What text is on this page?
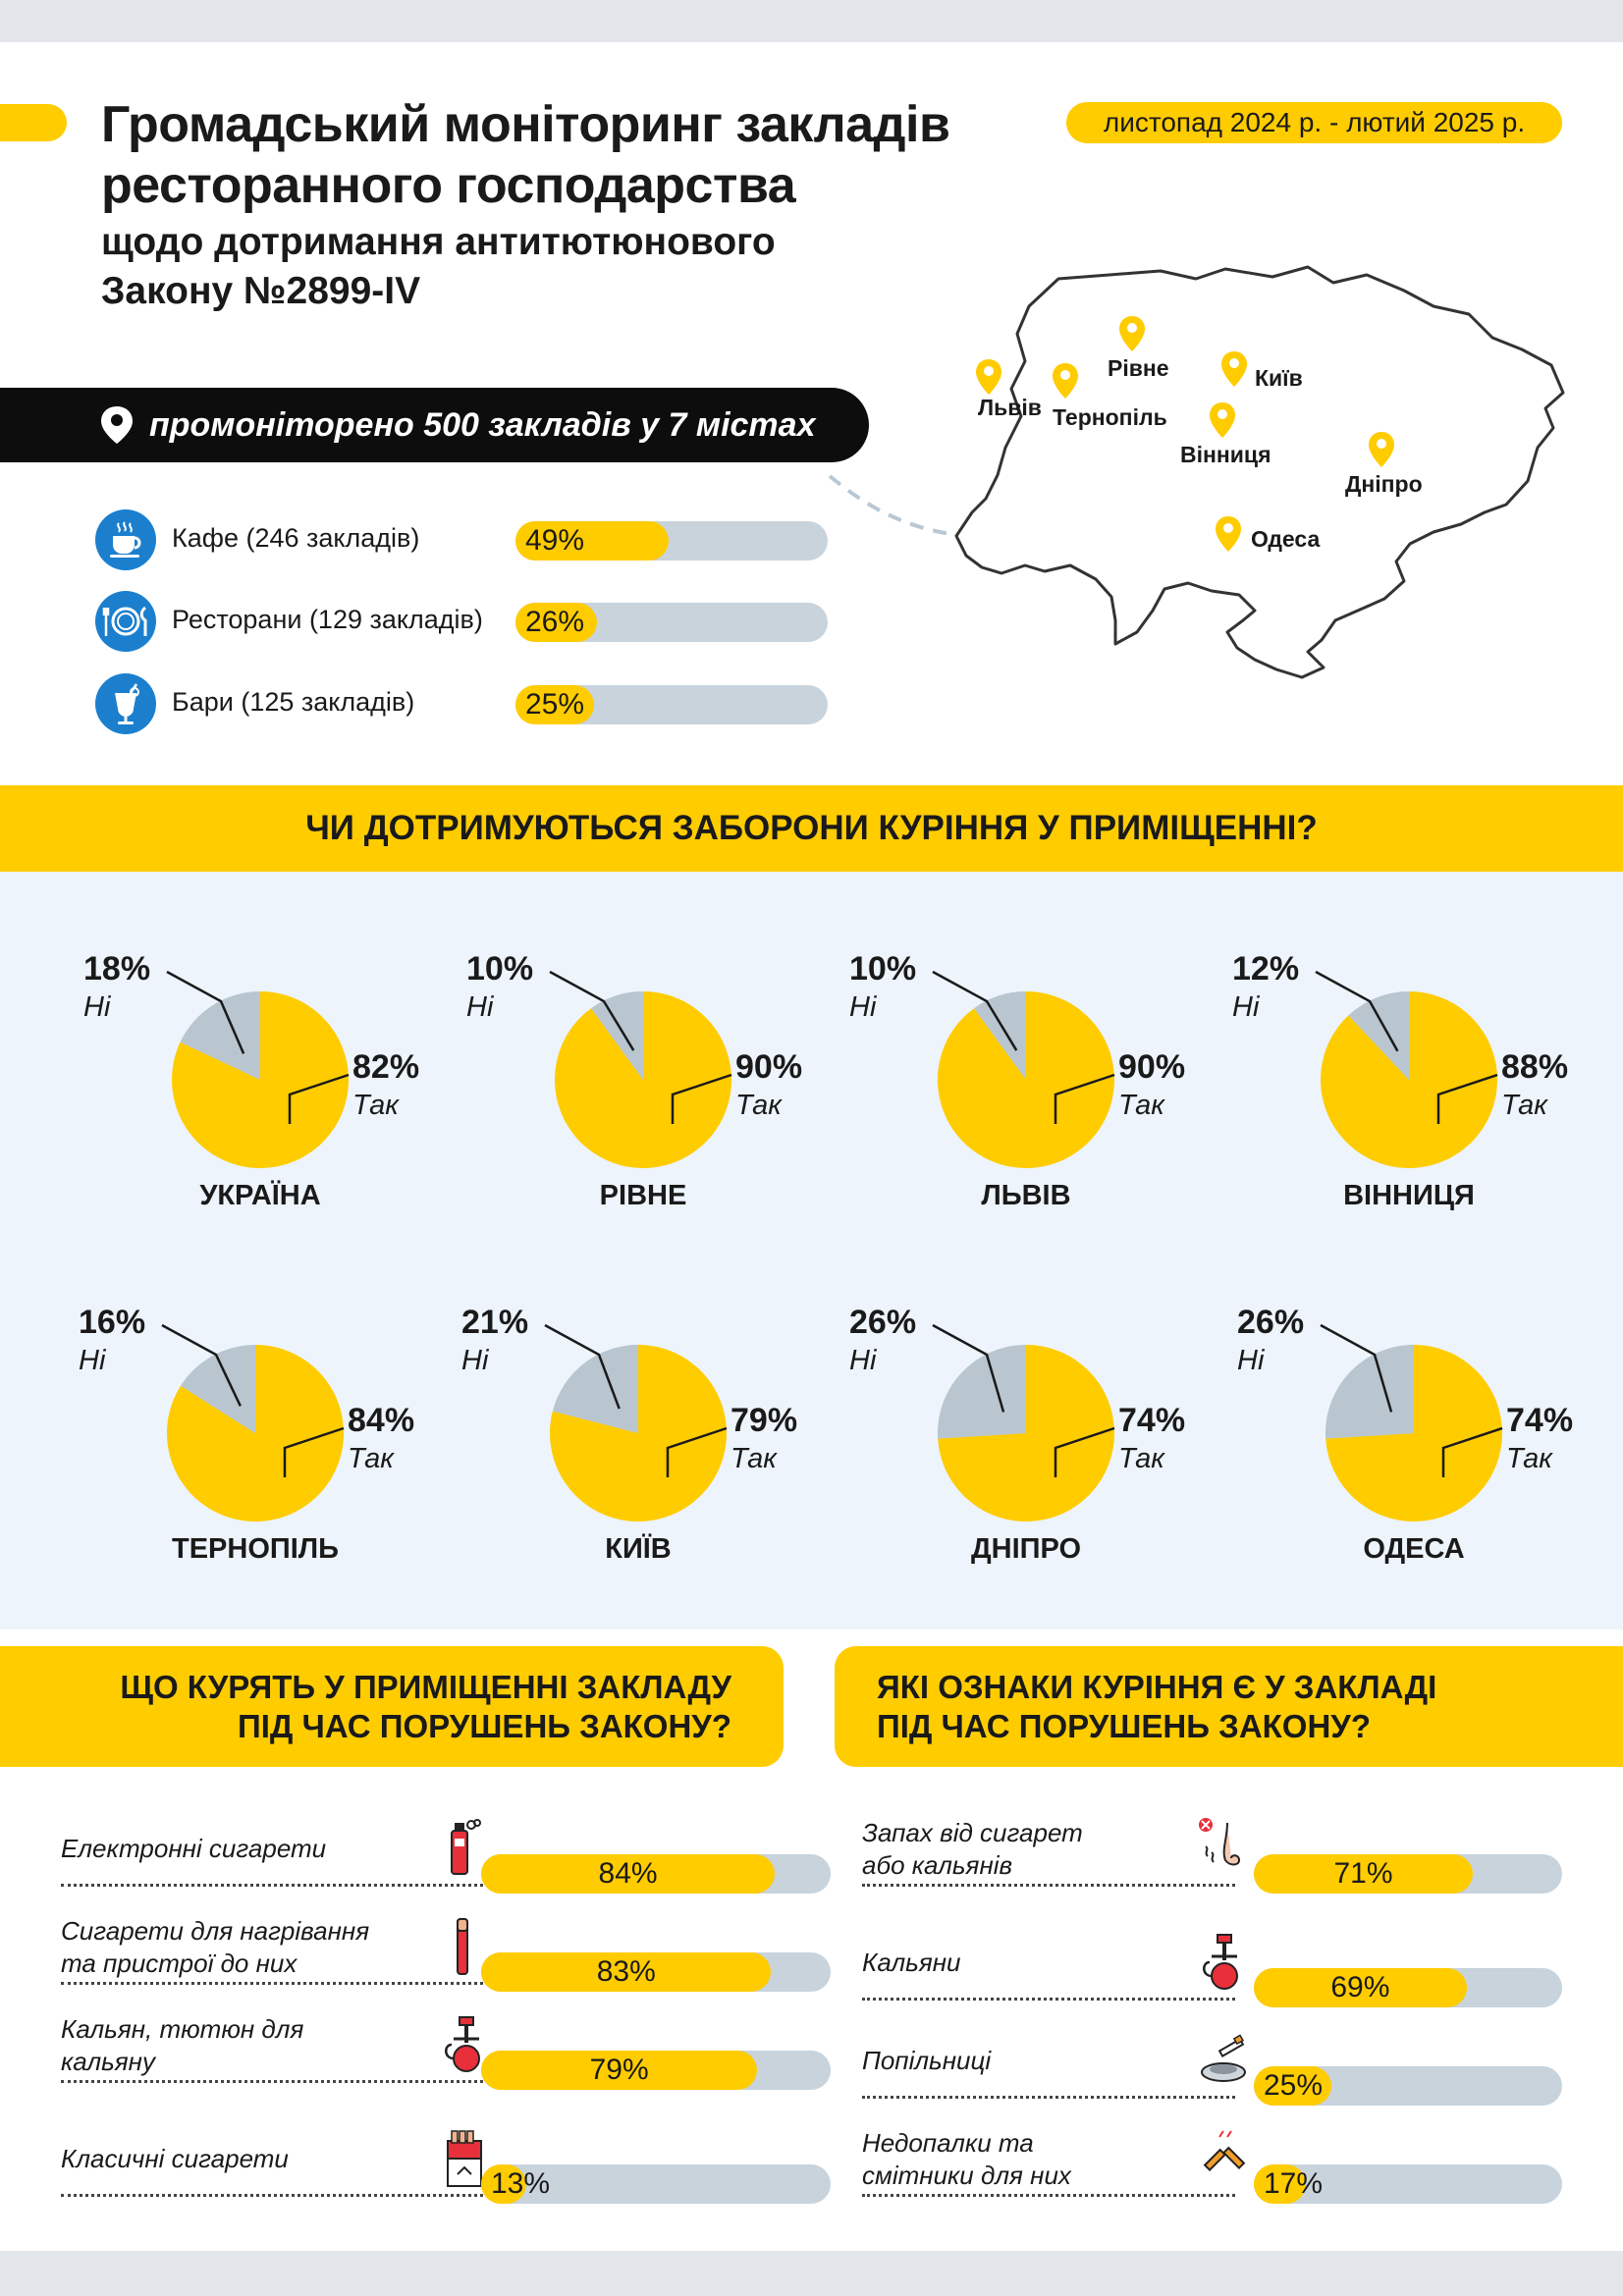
Громадський моніторинг закладів
ресторанного господарства
щодо дотримання антитютюнового
Закону №2899-IV
листопад 2024 р. - лютий 2025 р.
промоніторено 500 закладів у 7 містах
Кафе (246 закладів)	49%
Ресторани (129 закладів) 26%
Бари (125 закладів)	25%
Львів Тернопіль
Рівне	Київ
Вінниця
Дніпро
Одеса
ЧИ ДОТРИМУЮТЬСЯ ЗАБОРОНИ КУРІННЯ У ПРИМІЩЕННІ?
18%
Ні
82%
Так
УКРАЇНА
10%
Ні
90%
Так
РІВНЕ
10%
Ні
90%
Так
ЛЬВІВ
12%
Ні
88%
Так
ВІННИЦЯ
16%
Ні
84%
Так
ТЕРНОПІЛЬ
21%
Ні
79%
Так
КИЇВ
26%
Ні
74%
Так
ДНІПРО
26%
Ні
74%
Так
ОДЕСА
ЩО КУРЯТЬ У ПРИМІЩЕННІ ЗАКЛАДУ
ПІД ЧАС ПОРУШЕНЬ ЗАКОНУ?
ЯКІ ОЗНАКИ КУРІННЯ Є У ЗАКЛАДІ
ПІД ЧАС ПОРУШЕНЬ ЗАКОНУ?
Електронні сигарети
84%
Сигарети для нагрівання
та пристрої до них	83%
Кальян, тютюн для
кальяну	79%
Класичні сигарети
13%
Запах від сигарет
або кальянів	71%
Кальяни
69%
Попільниці
25%
Недопалки та
смітники для них	17%
